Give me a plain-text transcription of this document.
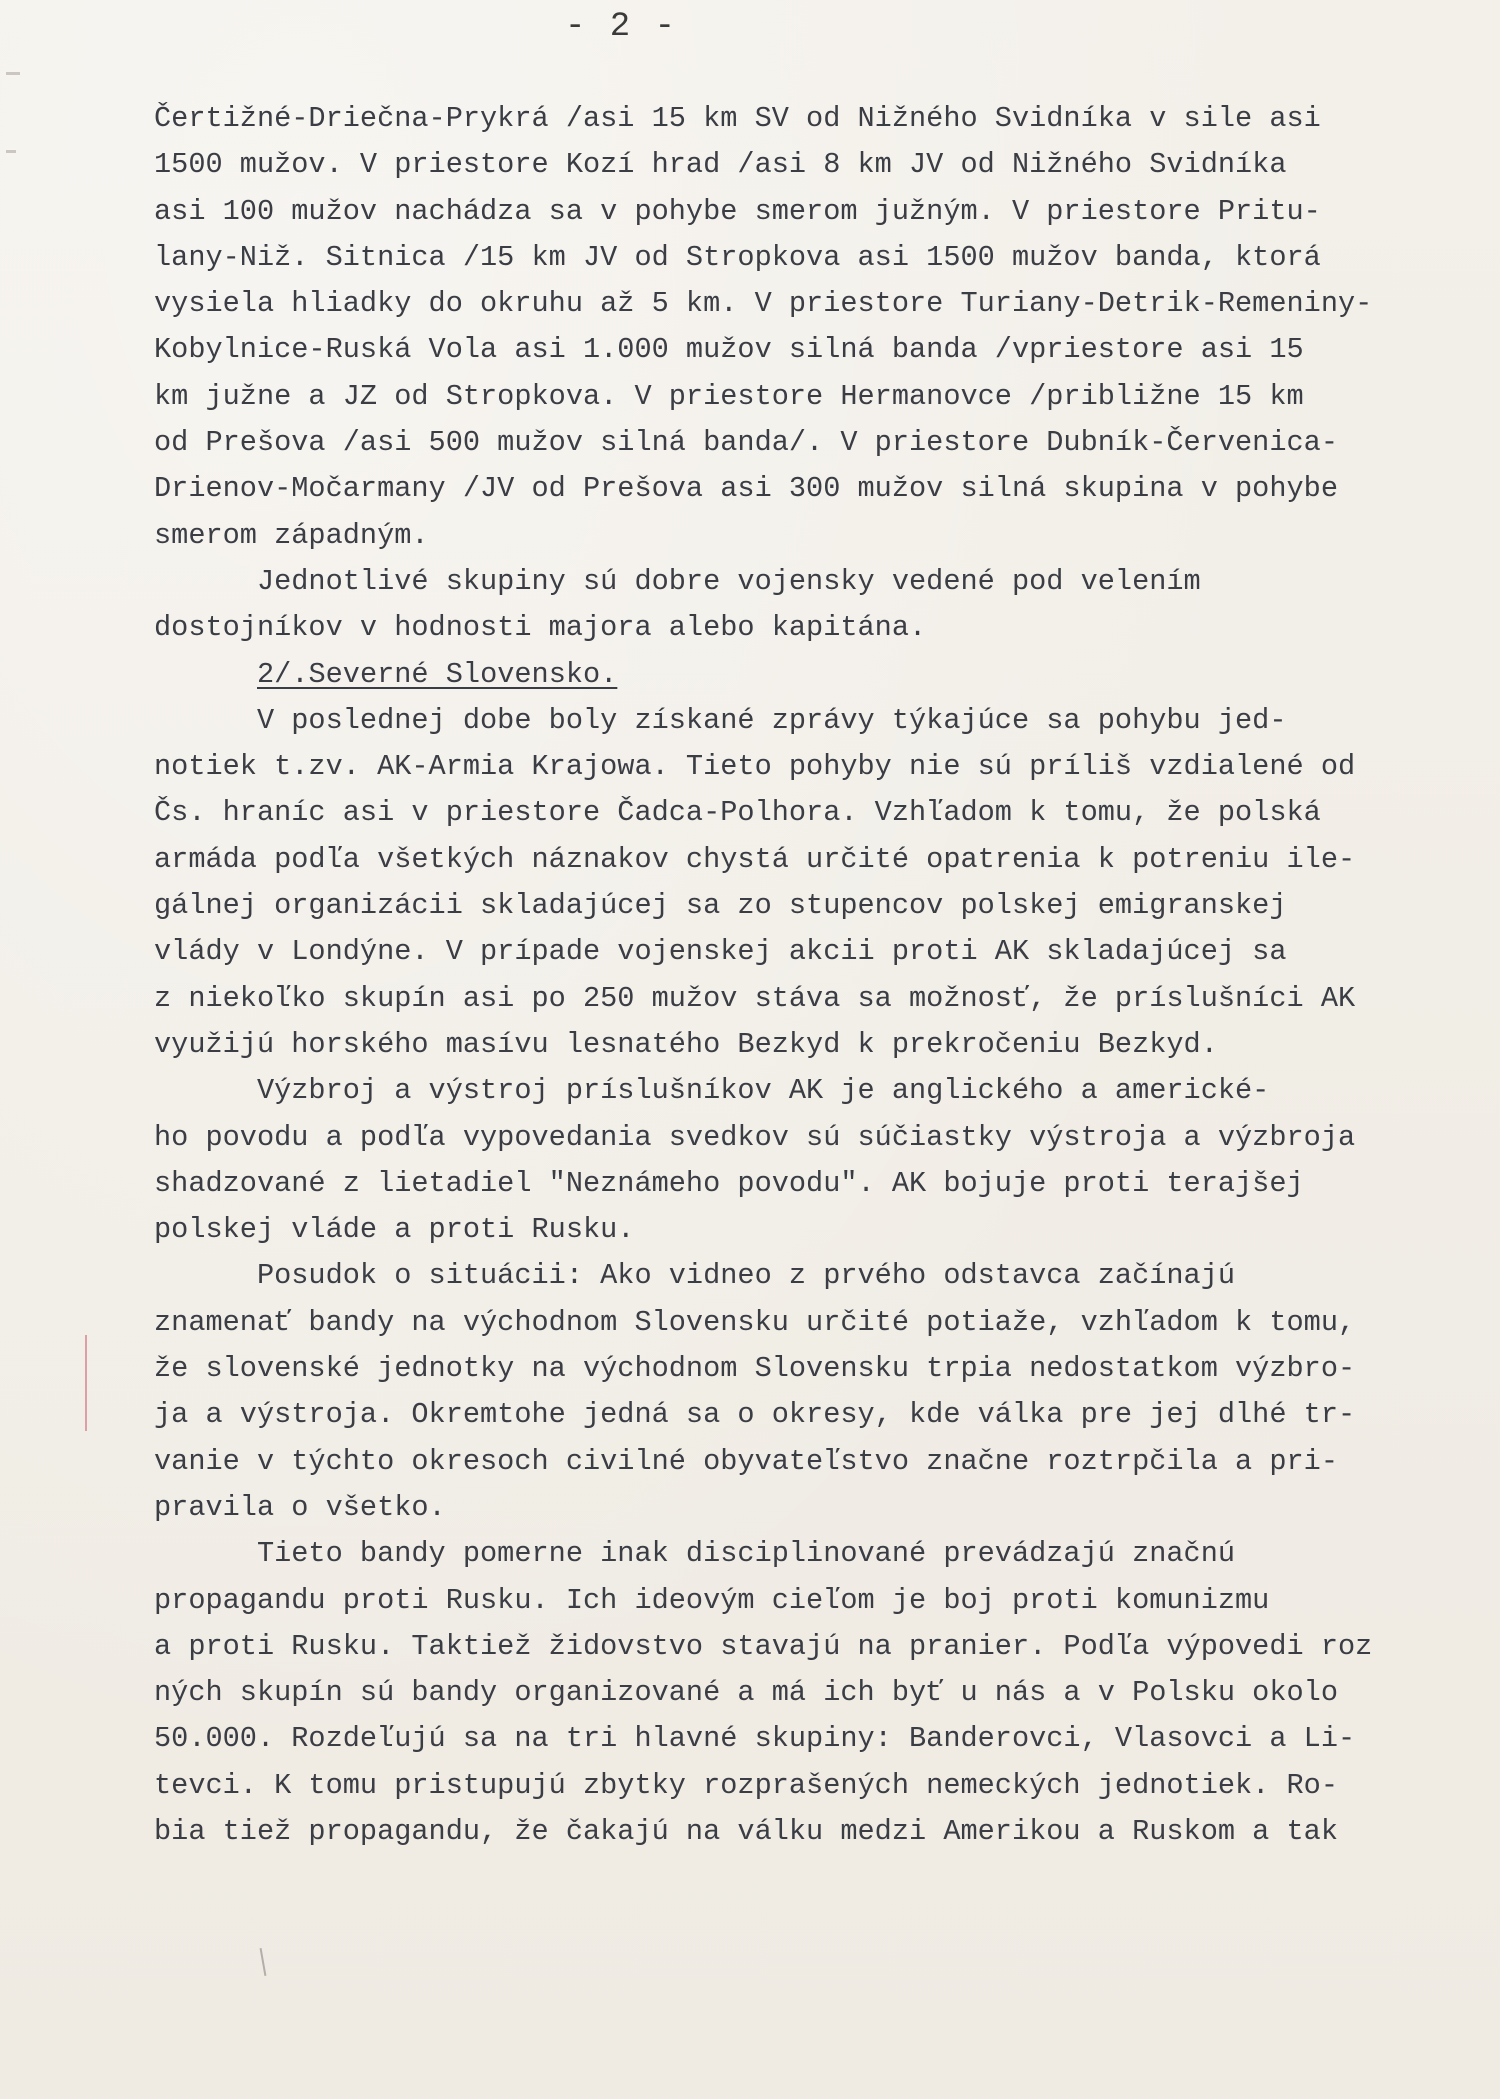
- 2 -
Čertižné-Driečna-Prykrá /asi 15 km SV od Nižného Svidníka v sile asi
1500 mužov. V priestore Kozí hrad /asi 8 km JV od Nižného Svidníka
asi 100 mužov nachádza sa v pohybe smerom južným. V priestore Pritu-
lany-Niž. Sitnica /15 km JV od Stropkova asi 1500 mužov banda, ktorá
vysiela hliadky do okruhu až 5 km. V priestore Turiany-Detrik-Remeniny-
Kobylnice-Ruská Vola asi 1.000 mužov silná banda /vpriestore asi 15
km južne a JZ od Stropkova. V priestore Hermanovce /približne 15 km
od Prešova /asi 500 mužov silná banda/. V priestore Dubník-Červenica-
Drienov-Močarmany /JV od Prešova asi 300 mužov silná skupina v pohybe
smerom západným.
Jednotlivé skupiny sú dobre vojensky vedené pod velením
dostojníkov v hodnosti majora alebo kapitána.
2/.Severné Slovensko.
V poslednej dobe boly získané zprávy týkajúce sa pohybu jed-
notiek t.zv. AK-Armia Krajowa. Tieto pohyby nie sú príliš vzdialené od
Čs. hraníc asi v priestore Čadca-Polhora. Vzhľadom k tomu, že polská
armáda podľa všetkých náznakov chystá určité opatrenia k potreniu ile-
gálnej organizácii skladajúcej sa zo stupencov polskej emigranskej
vlády v Londýne. V prípade vojenskej akcii proti AK skladajúcej sa
z niekoľko skupín asi po 250 mužov stáva sa možnosť, že príslušníci AK
využijú horského masívu lesnatého Bezkyd k prekročeniu Bezkyd.
Výzbroj a výstroj príslušníkov AK je anglického a americké-
ho povodu a podľa vypovedania svedkov sú súčiastky výstroja a výzbroja
shadzované z lietadiel "Neznámeho povodu". AK bojuje proti terajšej
polskej vláde a proti Rusku.
Posudok o situácii: Ako vidneo z prvého odstavca začínajú
znamenať bandy na východnom Slovensku určité potiaže, vzhľadom k tomu,
že slovenské jednotky na východnom Slovensku trpia nedostatkom výzbro-
ja a výstroja. Okremtohe jedná sa o okresy, kde válka pre jej dlhé tr-
vanie v týchto okresoch civilné obyvateľstvo značne roztrpčila a pri-
pravila o všetko.
Tieto bandy pomerne inak disciplinované prevádzajú značnú
propagandu proti Rusku. Ich ideovým cieľom je boj proti komunizmu
a proti Rusku. Taktiež židovstvo stavajú na pranier. Podľa výpovedi roz
ných skupín sú bandy organizované a má ich byť u nás a v Polsku okolo
50.000. Rozdeľujú sa na tri hlavné skupiny: Banderovci, Vlasovci a Li-
tevci. K tomu pristupujú zbytky rozprašených nemeckých jednotiek. Ro-
bia tiež propagandu, že čakajú na válku medzi Amerikou a Ruskom a tak
